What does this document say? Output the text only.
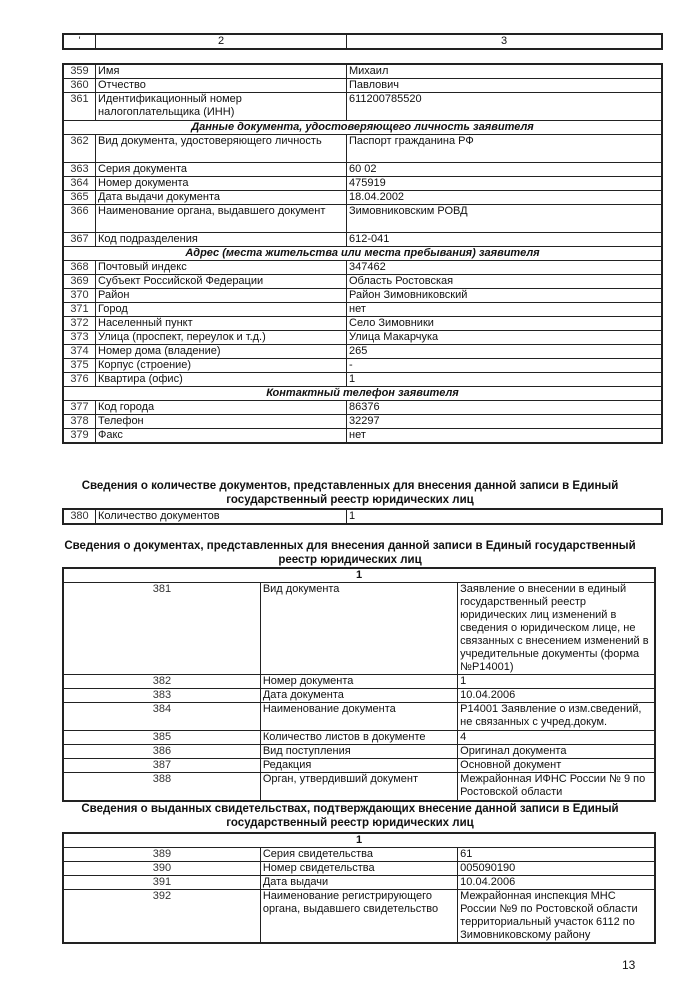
'	2	3
359	Имя	Михаил
360	Отчество	Павлович
361	Идентификационный номер налогоплательщика (ИНН)	611200785520
Данные документа, удостоверяющего личность заявителя		
362	Вид документа, удостоверяющего личность	Паспорт гражданина РФ
363	Серия документа	60 02
364	Номер документа	475919
365	Дата выдачи документа	18.04.2002
366	Наименование органа, выдавшего документ	Зимовниковским РОВД
367	Код подразделения	612-041
Адрес (места жительства или места пребывания) заявителя		
368	Почтовый индекс	347462
369	Субъект Российской Федерации	Область Ростовская
370	Район	Район Зимовниковский
371	Город	нет
372	Населенный пункт	Село Зимовники
373	Улица (проспект, переулок и т.д.)	Улица Макарчука
374	Номер дома (владение)	265
375	Корпус (строение)	-
376	Квартира (офис)	1
Контактный телефон заявителя		
377	Код города	86376
378	Телефон	32297
379	Факс	нет
Сведения о количестве документов, представленных для внесения данной записи в Единый государственный реестр юридических лиц
380	Количество документов	1
Сведения о документах, представленных для внесения данной записи в Единый государственный реестр юридических лиц
1		
381	Вид документа	Заявление о внесении в единый государственный реестр юридических лиц изменений в сведения о юридическом лице, не связанных с внесением изменений в учредительные документы (форма №Р14001)
382	Номер документа	1
383	Дата документа	10.04.2006
384	Наименование документа	Р14001 Заявление о изм.сведений, не связанных с учред.докум.
385	Количество листов в документе	4
386	Вид поступления	Оригинал документа
387	Редакция	Основной документ
388	Орган, утвердивший документ	Межрайонная ИФНС России № 9 по Ростовской области
Сведения о выданных свидетельствах, подтверждающих внесение данной записи в Единый государственный реестр юридических лиц
1		
389	Серия свидетельства	61
390	Номер свидетельства	005090190
391	Дата выдачи	10.04.2006
392	Наименование регистрирующего органа, выдавшего свидетельство	Межрайонная инспекция МНС России №9 по Ростовской области территориальный участок 6112 по Зимовниковскому району
13
